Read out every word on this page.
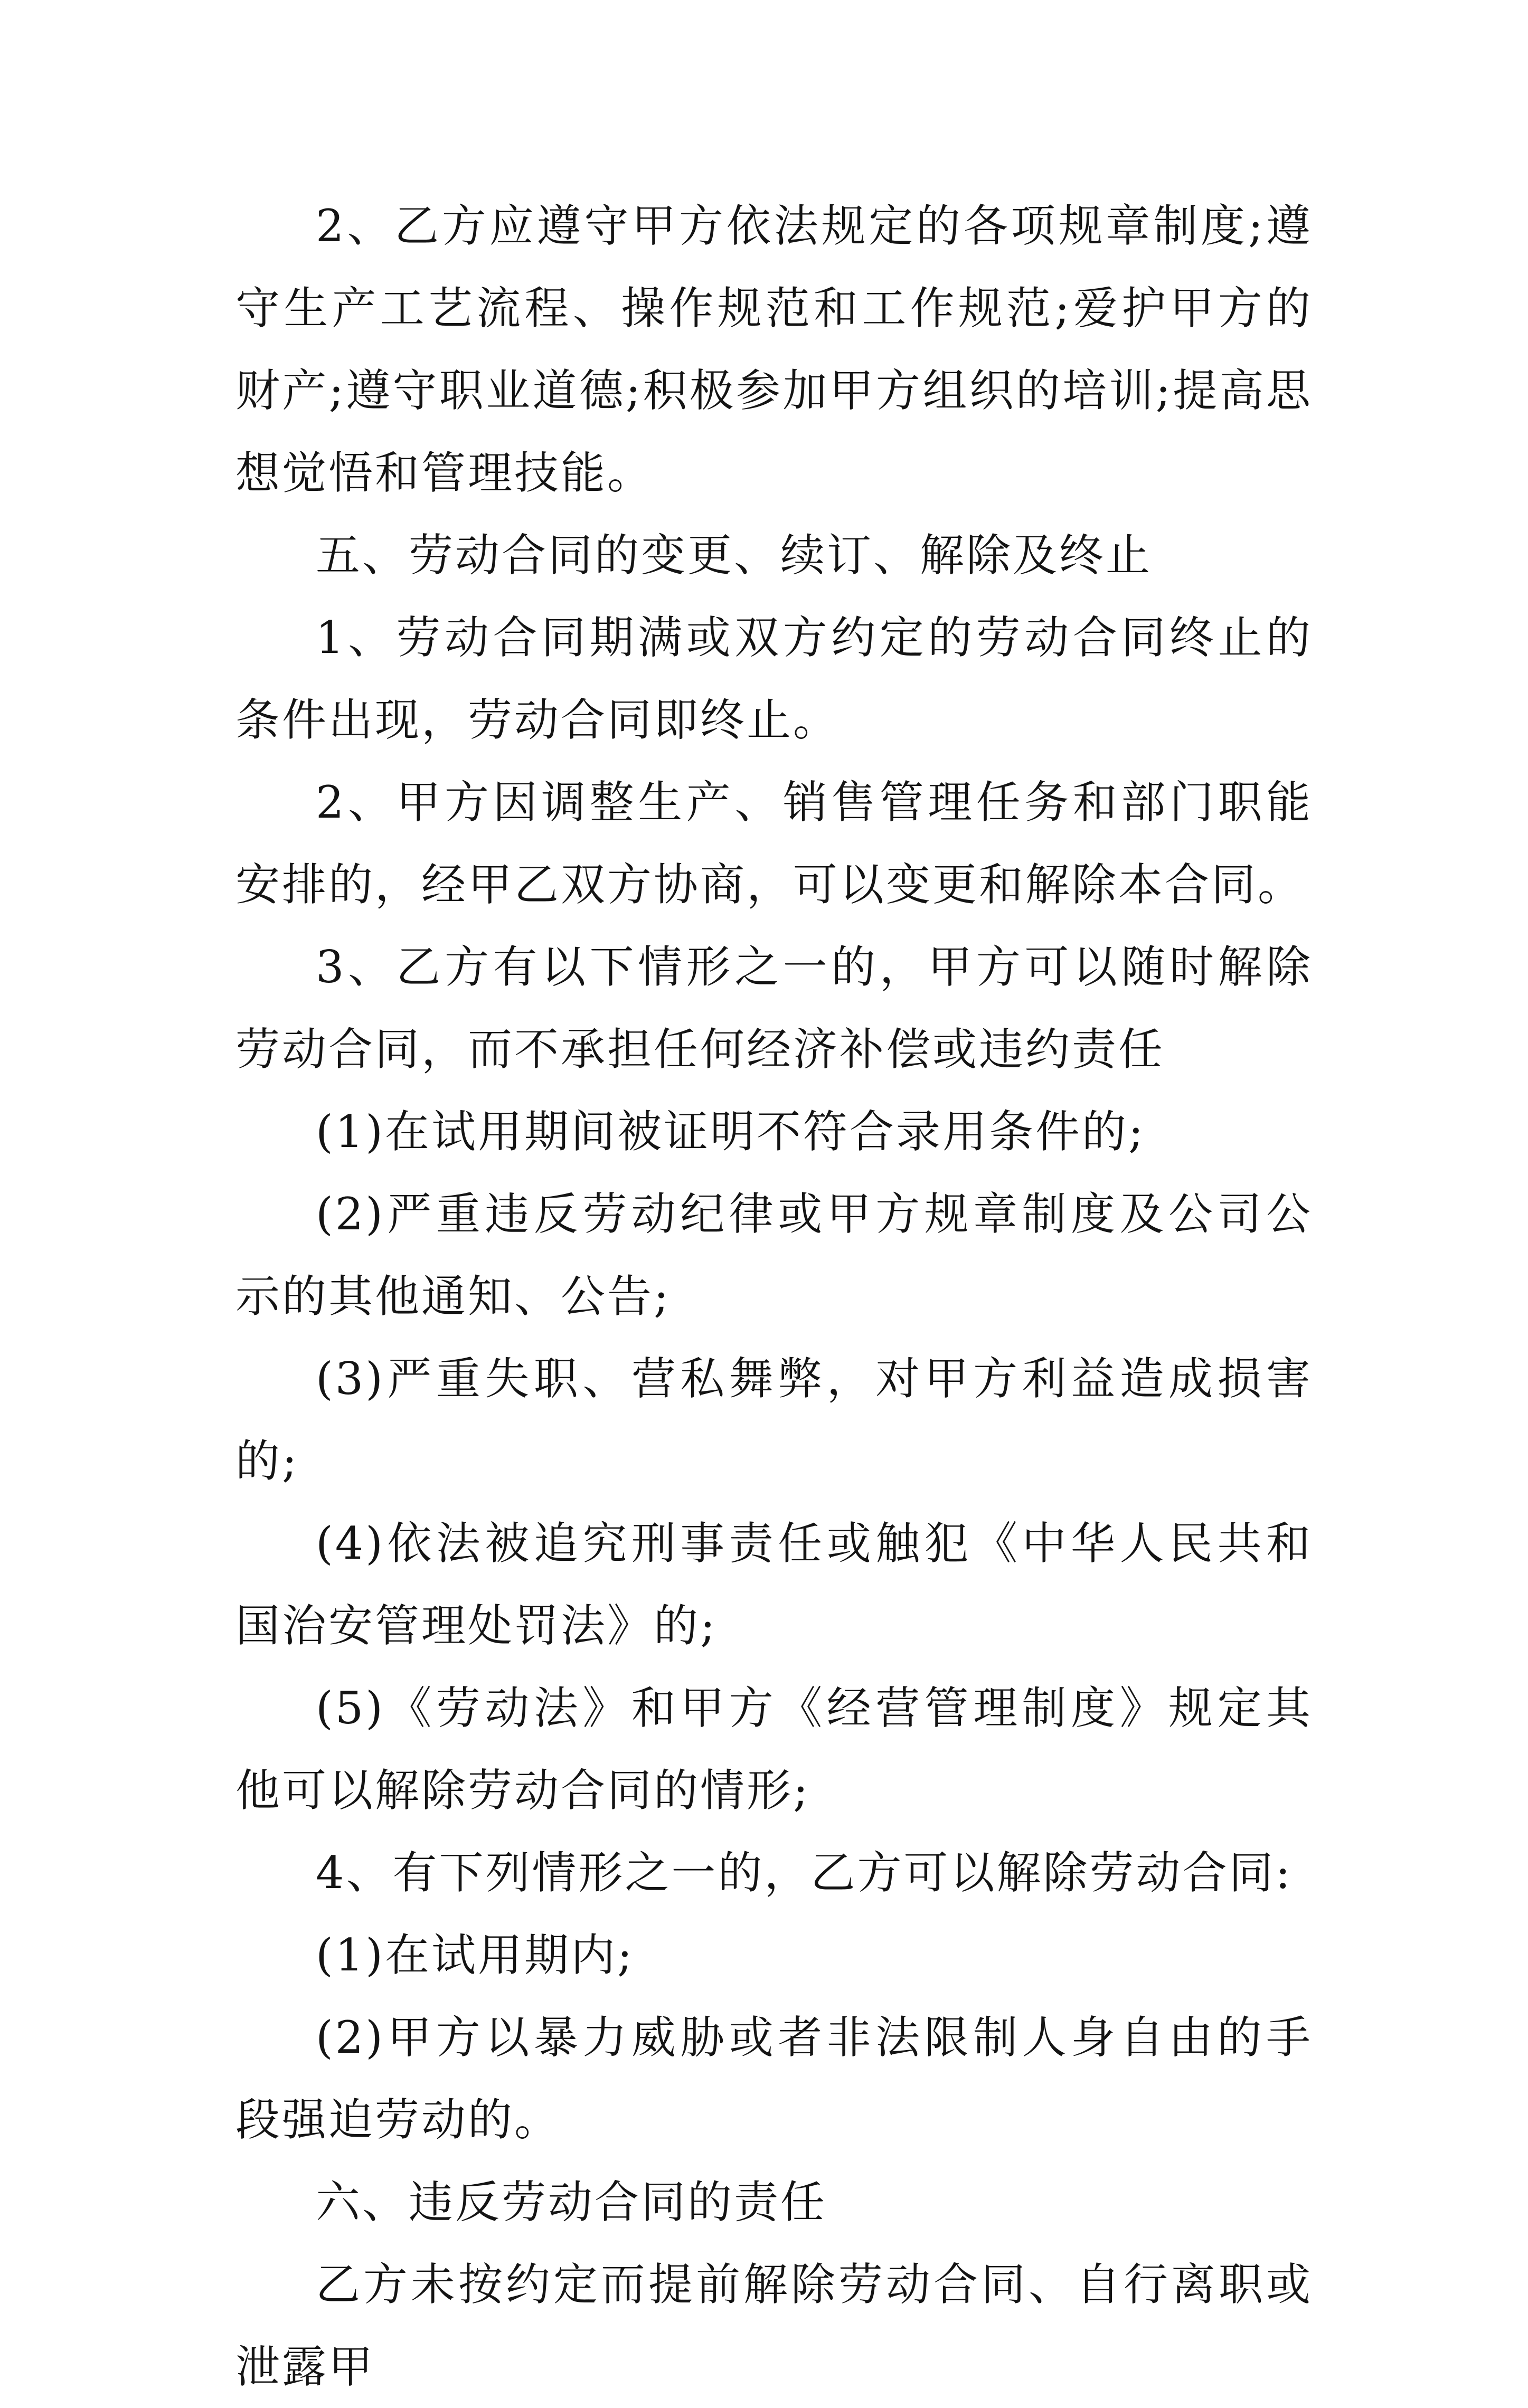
2、乙方应遵守甲方依法规定的各项规章制度;遵守生产工艺流程、操作规范和工作规范;爱护甲方的财产;遵守职业道德;积极参加甲方组织的培训;提高思想觉悟和管理技能。

五、劳动合同的变更、续订、解除及终止

1、劳动合同期满或双方约定的劳动合同终止的条件出现，劳动合同即终止。

2、甲方因调整生产、销售管理任务和部门职能安排的，经甲乙双方协商，可以变更和解除本合同。

3、乙方有以下情形之一的，甲方可以随时解除劳动合同，而不承担任何经济补偿或违约责任

(1)在试用期间被证明不符合录用条件的;

(2)严重违反劳动纪律或甲方规章制度及公司公示的其他通知、公告;

(3)严重失职、营私舞弊，对甲方利益造成损害的;

(4)依法被追究刑事责任或触犯《中华人民共和国治安管理处罚法》的;

(5)《劳动法》和甲方《经营管理制度》规定其他可以解除劳动合同的情形;

4、有下列情形之一的，乙方可以解除劳动合同:

(1)在试用期内;

(2)甲方以暴力威胁或者非法限制人身自由的手段强迫劳动的。

六、违反劳动合同的责任

乙方未按约定而提前解除劳动合同、自行离职或泄露甲
